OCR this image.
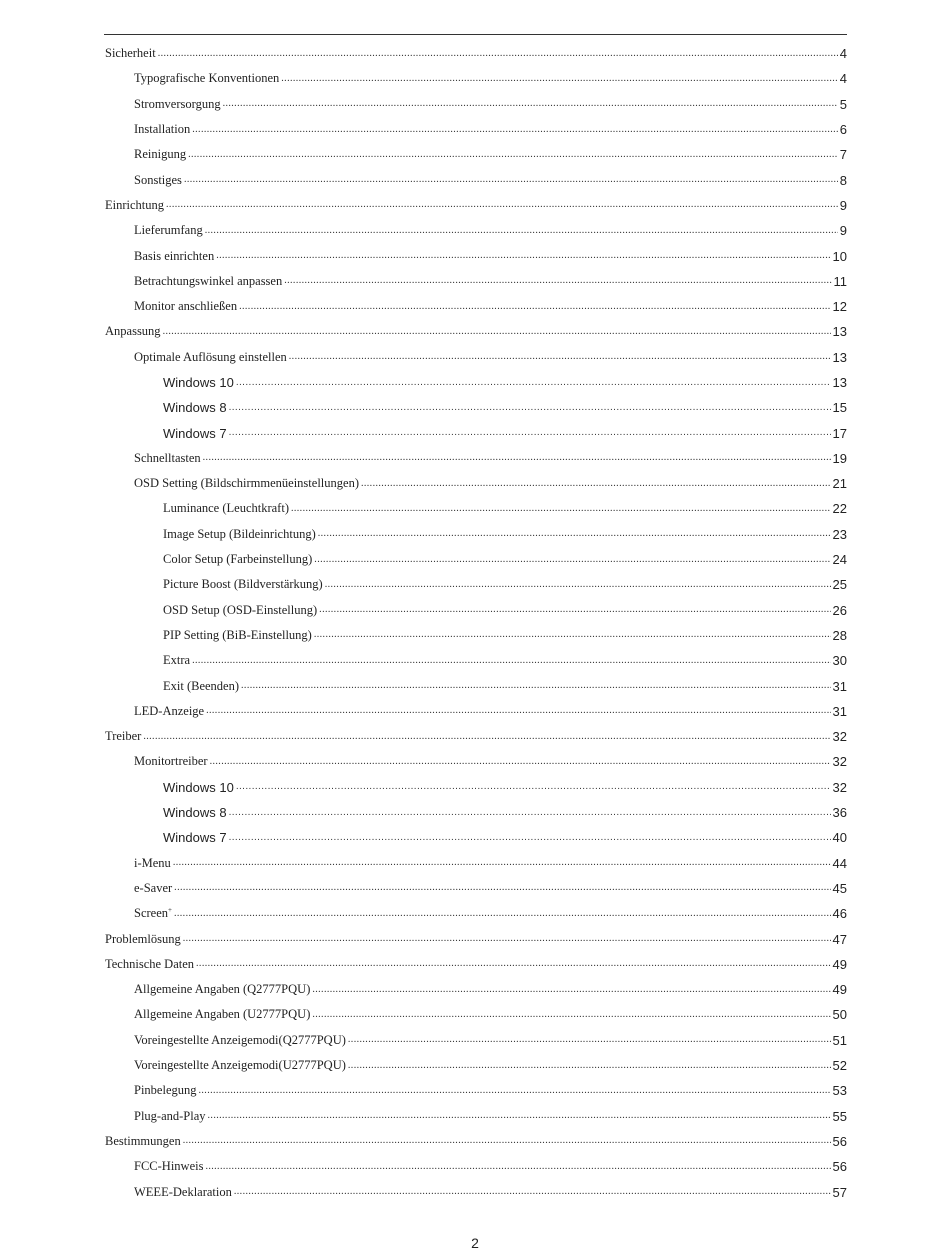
Sicherheit .....	4
Typografische Konventionen .....	4
Stromversorgung .....	5
Installation .....	6
Reinigung .....	7
Sonstiges .....	8
Einrichtung .....	9
Lieferumfang .....	9
Basis einrichten .....	10
Betrachtungswinkel anpassen .....	11
Monitor anschließen .....	12
Anpassung .....	13
Optimale Auflösung einstellen .....	13
Windows 10 .....	13
Windows 8 .....	15
Windows 7 .....	17
Schnelltasten .....	19
OSD Setting (Bildschirmmenüeinstellungen) .....	21
Luminance (Leuchtkraft) .....	22
Image Setup (Bildeinrichtung) .....	23
Color Setup (Farbeinstellung) .....	24
Picture Boost (Bildverstärkung) .....	25
OSD Setup (OSD-Einstellung) .....	26
PIP Setting (BiB-Einstellung) .....	28
Extra .....	30
Exit (Beenden) .....	31
LED-Anzeige .....	31
Treiber .....	32
Monitortreiber .....	32
Windows 10 .....	32
Windows 8 .....	36
Windows 7 .....	40
i-Menu .....	44
e-Saver .....	45
Screen+ .....	46
Problemlösung .....	47
Technische Daten .....	49
Allgemeine Angaben (Q2777PQU) .....	49
Allgemeine Angaben (U2777PQU) .....	50
Voreingestellte Anzeigemodi(Q2777PQU) .....	51
Voreingestellte Anzeigemodi(U2777PQU) .....	52
Pinbelegung .....	53
Plug-and-Play .....	55
Bestimmungen .....	56
FCC-Hinweis .....	56
WEEE-Deklaration .....	57
2
